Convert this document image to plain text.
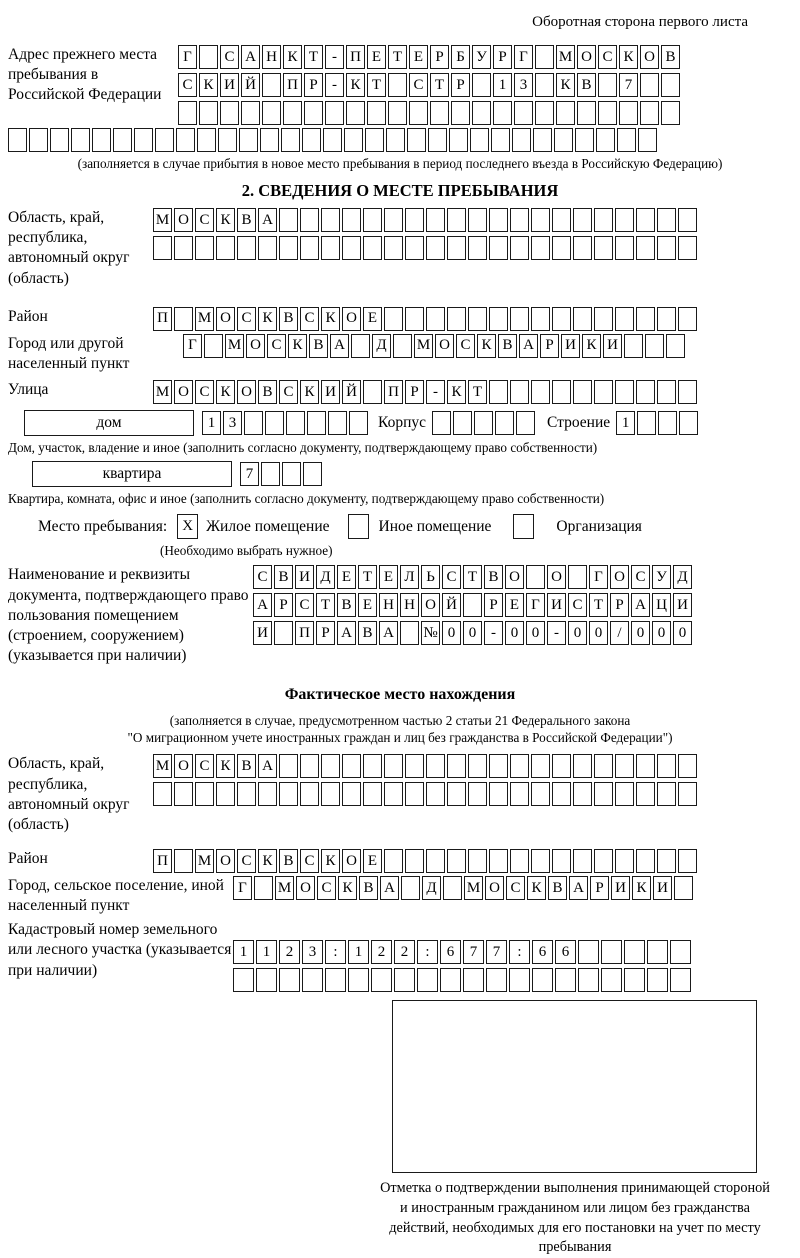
Оборотная сторона первого листа
Адрес прежнего места пребывания в Российской Федерации
Г	С А Н К Т - П Е Т Е Р Б У Р Г	М О С К О В
С К И Й П Р - К Т	С Т Р	1 3	К В	7
(заполняется в случае прибытия в новое место пребывания в период последнего въезда в Российскую Федерацию)
2. СВЕДЕНИЯ О МЕСТЕ ПРЕБЫВАНИЯ
Область, край, республика, автономный округ (область)
М О С К В А
Район	П М О С К В С К О Е
Город или другой населенный пункт
Г	М О С К В А Д М О С К В А Р И К И
Улица	М О С К О В С К И Й П Р - К Т
дом	1 3	Корпус	Строение 1
Дом, участок, владение и иное (заполнить согласно документу, подтверждающему право собственности)
квартира	7
Квартира, комната, офис и иное (заполнить согласно документу, подтверждающему право собственности)
Место пребывания:	X Жилое помещение	Иное помещение	Организация
(Необходимо выбрать нужное)
Наименование и реквизиты документа, подтверждающего право пользования помещением (строением, сооружением) (указывается при наличии)
С В И Д Е Т Е Л Ь С Т В О О	Г О С У Д
А Р С Т В Е Н Н О Й	Р Е Г И С Т Р А Ц И
И П Р А В А № 0 0 - 0 0 - 0 0	/	0 0 0
Фактическое место нахождения
(заполняется в случае, предусмотренном частью 2 статьи 21 Федерального закона
"О миграционном учете иностранных граждан и лиц без гражданства в Российской Федерации")
Область, край, республика, автономный округ (область)
М О С К В А
Район	П М О С К В С К О Е
Город, сельское поселение, иной населенный пункт
Г	М О С К В А Д М О С К В А Р И К И
Кадастровый номер земельного или лесного участка (указывается при наличии)
1	1	2	3	:	1	2	2	:	6	7	7	:	6	6
Отметка о подтверждении выполнения принимающей стороной и иностранным гражданином или лицом без гражданства действий, необходимых для его постановки на учет по месту пребывания
